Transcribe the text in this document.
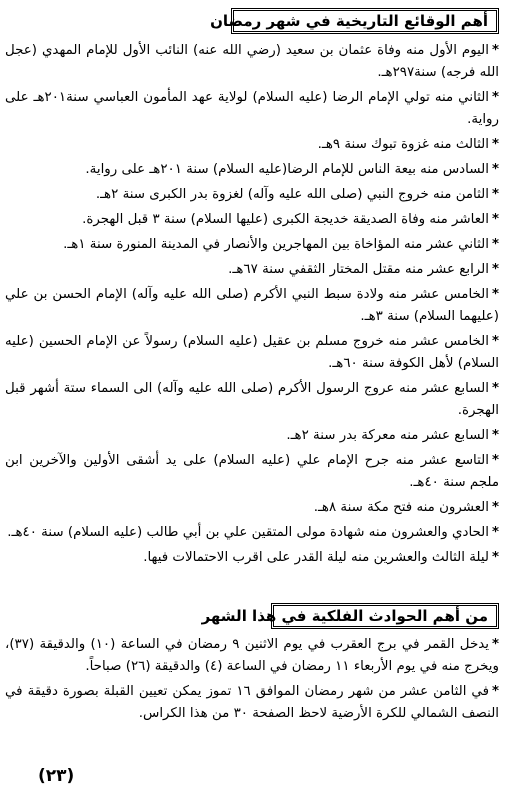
أهم الوقائع التاريخية في شهر رمضان

*اليوم الأول منه وفاة عثمان بن سعيد (رضي الله عنه) النائب الأول للإمام المهدي (عجل الله فرجه) سنة٢٩٧هـ.

*الثاني منه تولي الإمام الرضا (عليه السلام) لولاية عهد المأمون العباسي سنة٢٠١هـ على رواية.

*الثالث منه غزوة تبوك سنة ٩هـ.

*السادس منه بيعة الناس للإمام الرضا(عليه السلام) سنة ٢٠١هـ على رواية.

*الثامن منه خروج النبي (صلى الله عليه وآله) لغزوة بدر الكبرى سنة ٢هـ.

*العاشر منه وفاة الصديقة خديجة الكبرى (عليها السلام) سنة ٣ قبل الهجرة.

*الثاني عشر منه المؤاخاة بين المهاجرين والأنصار في المدينة المنورة سنة ١هـ.

*الرابع عشر منه مقتل المختار الثقفي سنة ٦٧هـ.

*الخامس عشر منه ولادة سبط النبي الأكرم (صلى الله عليه وآله) الإمام الحسن بن علي (عليهما السلام) سنة ٣هـ.

*الخامس عشر منه خروج مسلم بن عقيل (عليه السلام) رسولاً عن الإمام الحسين (عليه السلام) لأهل الكوفة سنة ٦٠هـ.

*السابع عشر منه عروج الرسول الأكرم (صلى الله عليه وآله) الى السماء ستة أشهر قبل الهجرة.

*السابع عشر منه معركة بدر سنة ٢هـ.

*التاسع عشر منه جرح الإمام علي (عليه السلام) على يد أشقى الأولين والآخرين ابن ملجم سنة ٤٠هـ.

*العشرون منه فتح مكة سنة ٨هـ.

*الحادي والعشرون منه شهادة مولى المتقين علي بن أبي طالب (عليه السلام) سنة ٤٠هـ.

*ليلة الثالث والعشرين منه ليلة القدر على اقرب الاحتمالات فيها.

من أهم الحوادث الفلكية في هذا الشهر

*يدخل القمر في برج العقرب في يوم الاثنين ٩ رمضان في الساعة (١٠) والدقيقة (٣٧)، ويخرج منه في يوم الأربعاء ١١ رمضان في الساعة (٤) والدقيقة (٢٦) صباحاً.

*في الثامن عشر من شهر رمضان الموافق ١٦ تموز يمكن تعيين القبلة بصورة دقيقة في النصف الشمالي للكرة الأرضية لاحظ الصفحة ٣٠ من هذا الكراس.

(٢٣)
